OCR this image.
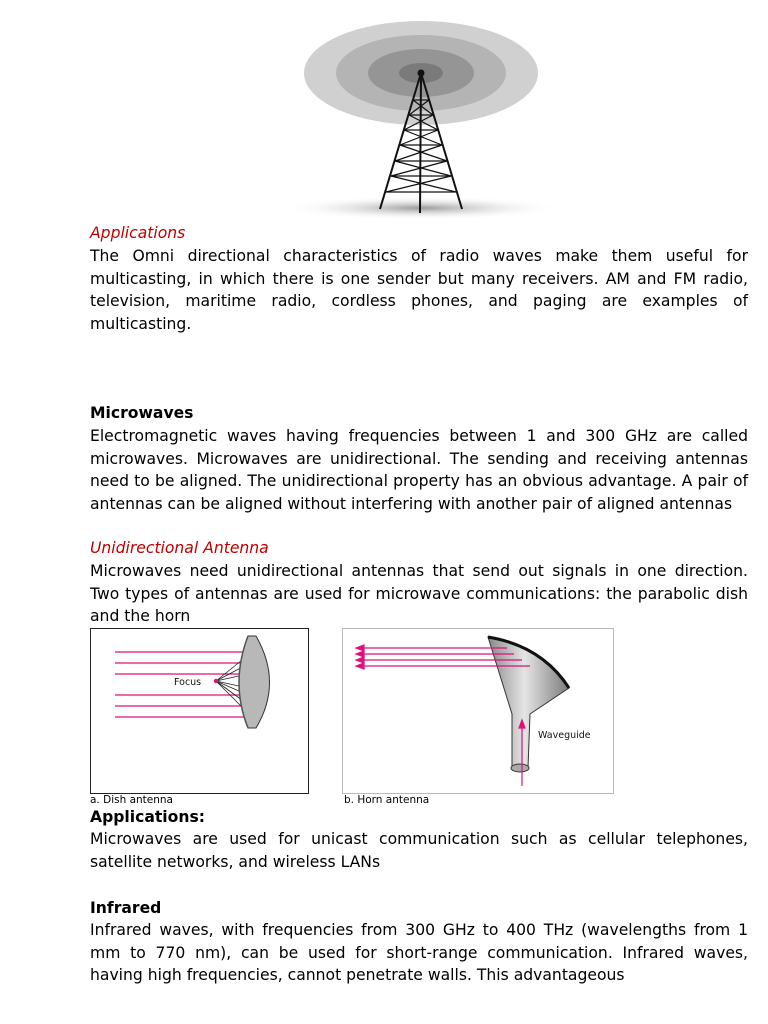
Applications
The Omni directional characteristics of radio waves make them useful for multicasting, in which there is one sender but many receivers. AM and FM radio, television, maritime radio, cordless phones, and paging are examples of multicasting.
Microwaves
Electromagnetic waves having frequencies between 1 and 300 GHz are called microwaves. Microwaves are unidirectional. The sending and receiving antennas need to be aligned. The unidirectional property has an obvious advantage. A pair of antennas can be aligned without interfering with another pair of aligned antennas
Unidirectional Antenna
Microwaves need unidirectional antennas that send out signals in one direction. Two types of antennas are used for microwave communications: the parabolic dish and the horn
Focus
a. Dish antenna
Waveguide
b. Horn antenna
Applications:
Microwaves are used for unicast communication such as cellular telephones, satellite networks, and wireless LANs
Infrared
Infrared waves, with frequencies from 300 GHz to 400 THz (wavelengths from 1 mm to 770 nm), can be used for short-range communication. Infrared waves, having high frequencies, cannot penetrate walls. This advantageous
